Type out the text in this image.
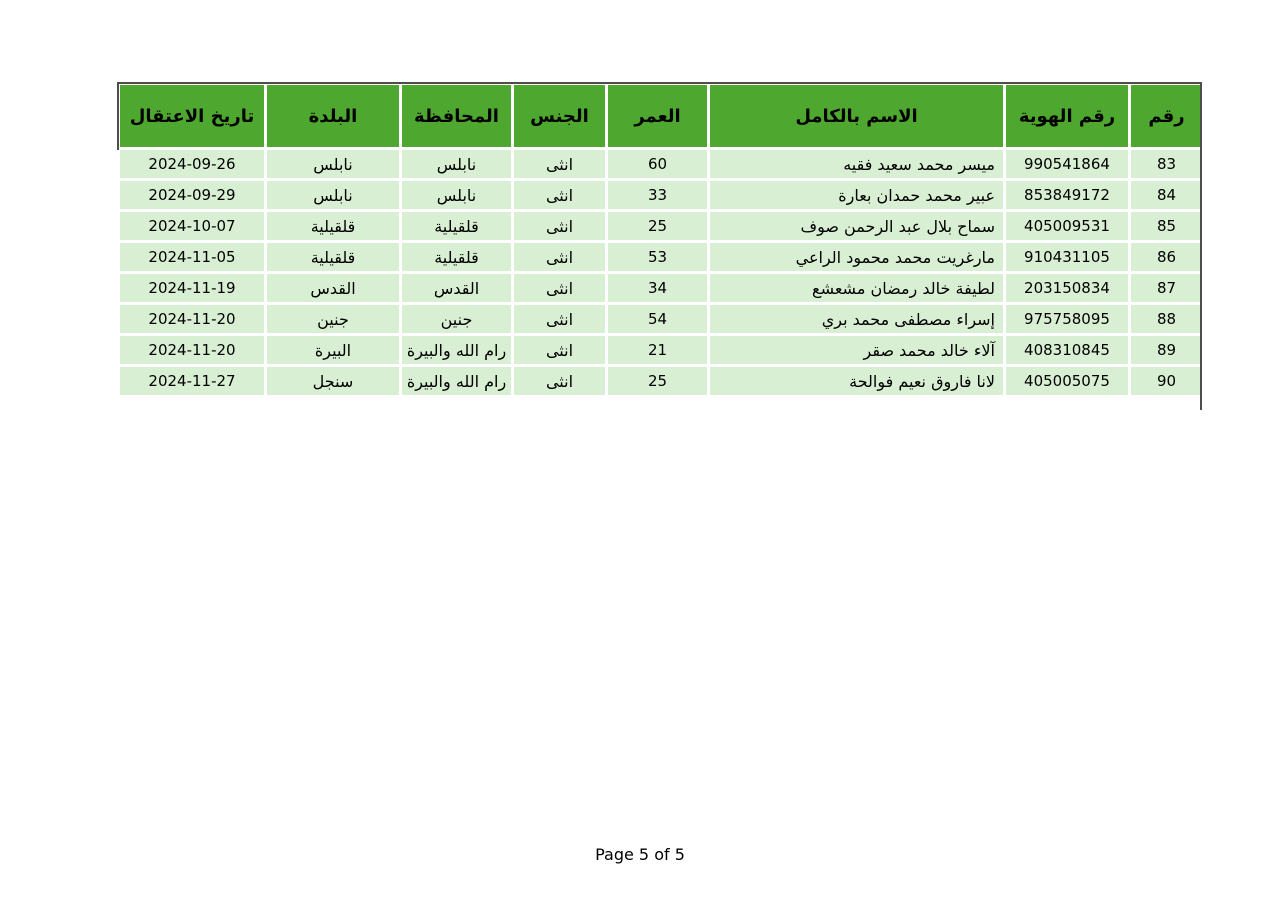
رقم	رقم الهوية	الاسم بالكامل	العمر	الجنس	المحافظة	البلدة	تاريخ الاعتقال
83	990541864	ميسر محمد سعيد فقيه	60	انثى	نابلس	نابلس	2024-09-26
84	853849172	عبير محمد حمدان بعارة	33	انثى	نابلس	نابلس	2024-09-29
85	405009531	سماح بلال عبد الرحمن صوف	25	انثى	قلقيلية	قلقيلية	2024-10-07
86	910431105	مارغريت محمد محمود الراعي	53	انثى	قلقيلية	قلقيلية	2024-11-05
87	203150834	لطيفة خالد رمضان مشعشع	34	انثى	القدس	القدس	2024-11-19
88	975758095	إسراء مصطفى محمد بري	54	انثى	جنين	جنين	2024-11-20
89	408310845	آلاء خالد محمد صقر	21	انثى	رام الله والبيرة	البيرة	2024-11-20
90	405005075	لانا فاروق نعيم فوالحة	25	انثى	رام الله والبيرة	سنجل	2024-11-27
Page 5 of 5
